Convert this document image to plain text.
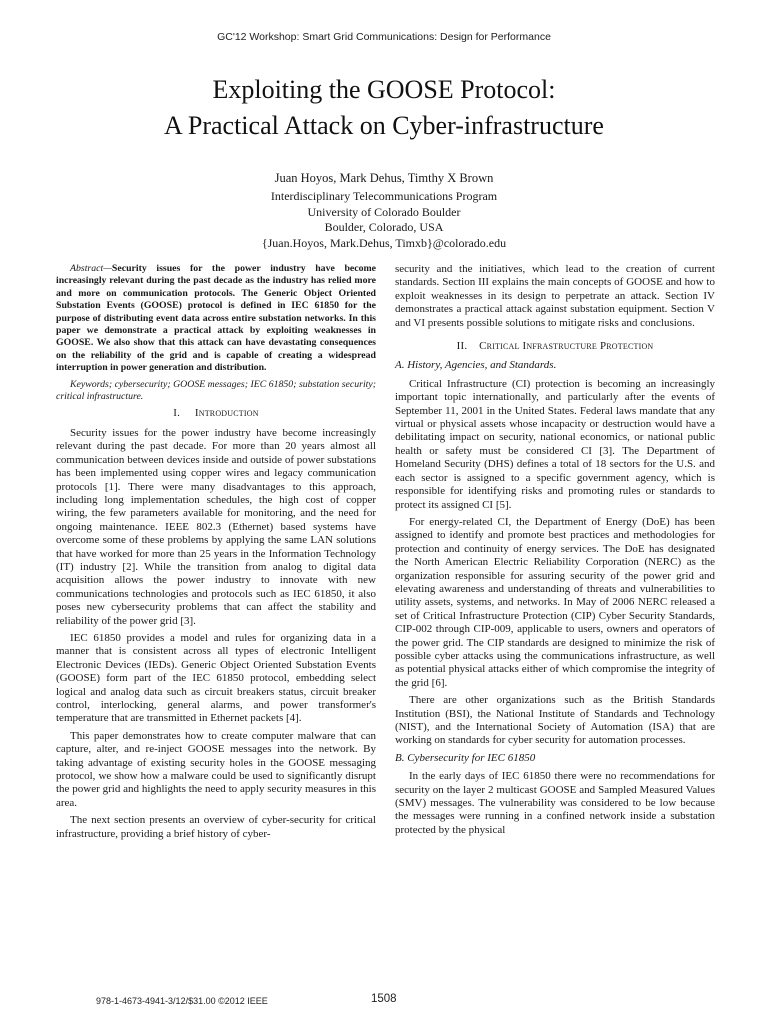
GC'12 Workshop: Smart Grid Communications: Design for Performance
Exploiting the GOOSE Protocol:
A Practical Attack on Cyber-infrastructure
Juan Hoyos, Mark Dehus, Timthy X Brown
Interdisciplinary Telecommunications Program
University of Colorado Boulder
Boulder, Colorado, USA
{Juan.Hoyos, Mark.Dehus, Timxb}@colorado.edu

Abstract—Security issues for the power industry have become increasingly relevant during the past decade as the industry has relied more and more on communication protocols. The Generic Object Oriented Substation Events (GOOSE) protocol is defined in IEC 61850 for the purpose of distributing event data across entire substation networks. In this paper we demonstrate a practical attack by exploiting weaknesses in GOOSE. We also show that this attack can have devastating consequences on the reliability of the grid and is capable of creating a widespread interruption in power generation and distribution.

Keywords; cybersecurity; GOOSE messages; IEC 61850; substation security; critical infrastructure.

I. Introduction

Security issues for the power industry have become increasingly relevant during the past decade. For more than 20 years almost all communication between devices inside and outside of power substations has been implemented using copper wires and legacy communication protocols [1]. There were many disadvantages to this approach, including long implementation schedules, the high cost of copper wiring, the few parameters available for monitoring, and the need for ongoing maintenance. IEEE 802.3 (Ethernet) based systems have overcome some of these problems by applying the same LAN solutions that have worked for more than 25 years in the Information Technology (IT) industry [2]. While the transition from analog to digital data acquisition allows the power industry to innovate with new communications technologies and protocols such as IEC 61850, it also poses new cybersecurity problems that can affect the stability and reliability of the power grid [3].

IEC 61850 provides a model and rules for organizing data in a manner that is consistent across all types of electronic Intelligent Electronic Devices (IEDs). Generic Object Oriented Substation Events (GOOSE) form part of the IEC 61850 protocol, embedding select logical and analog data such as circuit breakers status, circuit breaker control, interlocking, general alarms, and power transformer's temperature that are transmitted in Ethernet packets [4].

This paper demonstrates how to create computer malware that can capture, alter, and re-inject GOOSE messages into the network. By taking advantage of existing security holes in the GOOSE messaging protocol, we show how a malware could be used to significantly disrupt the power grid and highlights the need to apply security measures in this area.

The next section presents an overview of cyber-security for critical infrastructure, providing a brief history of cyber-

security and the initiatives, which lead to the creation of current standards. Section III explains the main concepts of GOOSE and how to exploit weaknesses in its design to perpetrate an attack. Section IV demonstrates a practical attack against substation equipment. Section V and VI presents possible solutions to mitigate risks and conclusions.

II. Critical Infrastructure Protection
A. History, Agencies, and Standards.

Critical Infrastructure (CI) protection is becoming an increasingly important topic internationally, and particularly after the events of September 11, 2001 in the United States. Federal laws mandate that any virtual or physical assets whose incapacity or destruction would have a debilitating impact on security, national economics, or national public health or safety must be considered CI [3]. The Department of Homeland Security (DHS) defines a total of 18 sectors for the U.S. and each sector is assigned to a specific government agency, which is responsible for identifying risks and promoting rules or standards to protect its assigned CI [5].

For energy-related CI, the Department of Energy (DoE) has been assigned to identify and promote best practices and methodologies for protection and continuity of energy services. The DoE has designated the North American Electric Reliability Corporation (NERC) as the organization responsible for assuring security of the power grid and elevating awareness and understanding of threats and vulnerabilities to utility assets, systems, and networks. In May of 2006 NERC released a set of Critical Infrastructure Protection (CIP) Cyber Security Standards, CIP-002 through CIP-009, applicable to users, owners and operators of the power grid. The CIP standards are designed to minimize the risk of possible cyber attacks using the communications infrastructure, as well as potential physical attacks either of which compromise the integrity of the grid [6].

There are other organizations such as the British Standards Institution (BSI), the National Institute of Standards and Technology (NIST), and the International Society of Automation (ISA) that are working on standards for cyber security for automation processes.

B. Cybersecurity for IEC 61850

In the early days of IEC 61850 there were no recommendations for security on the layer 2 multicast GOOSE and Sampled Measured Values (SMV) messages. The vulnerability was considered to be low because the messages were running in a confined network inside a substation protected by the physical

978-1-4673-4941-3/12/$31.00 ©2012 IEEE	1508
